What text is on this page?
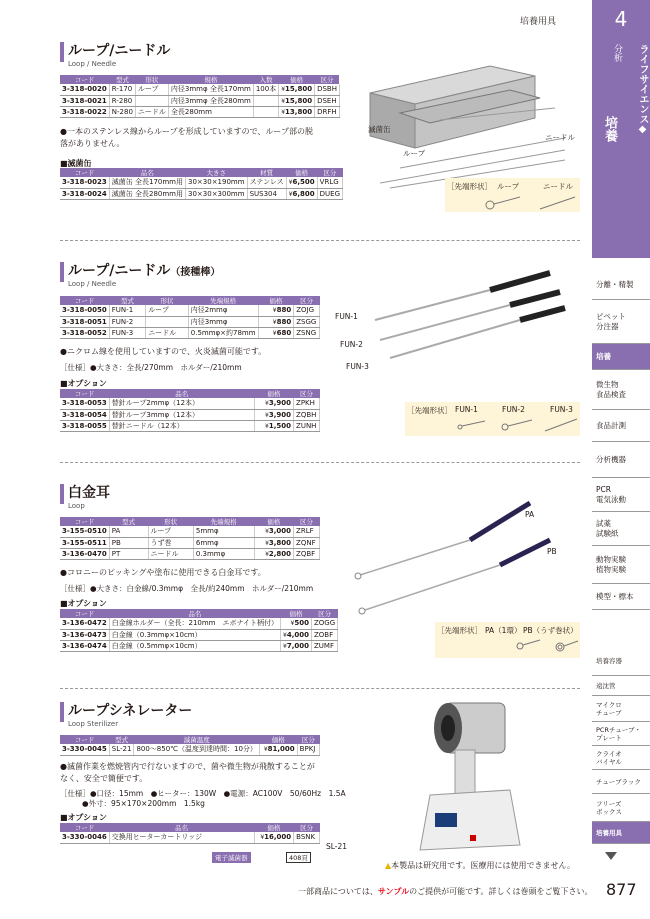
培養用具	4
分析	ライフサイエンス◆
培養
分離・精製
ピペット
分注器
培養
微生物
食品検査
食品計測
分析機器
PCR
電気泳動
試薬
試験紙
動物実験
植物実験
模型・標本
培養容器
遠沈管
マイクロ
チューブ
PCRチューブ・
プレート
クライオ
バイヤル
チューブラック
フリーズ
ボックス
培養用具
ループ/ニードル
Loop / Needle
コード	型式	形状	規格	入数	価格	区分
3-318-0020	R-170	ループ	内径3mmφ 全長170mm	100本	¥15,800	DSBH
3-318-0021	R-280		内径3mmφ 全長280mm		¥15,800	DSEH
3-318-0022	N-280	ニードル	全長280mm		¥13,800	DRFH
●一本のステンレス線からループを形成していますので、ループ部の脱落がありません。
■滅菌缶
コード	品名	大きさ	材質	価格	区分
3-318-0023	滅菌缶 全長170mm用	30×30×190mm	ステンレス	¥6,500	VRLG
3-318-0024	滅菌缶 全長280mm用	30×30×300mm	SUS304	¥6,800	DUEG
滅菌缶
ニードル
ループ
［先端形状］ ループ	ニードル
ループ/ニードル（接種棒）
Loop / Needle
コード	型式	形状	先端規格	価格	区分
3-318-0050	FUN-1	ループ	内径2mmφ	¥880	ZOJG
3-318-0051	FUN-2		内径3mmφ	¥880	ZSGG
3-318-0052	FUN-3	ニードル	0.5mmφ×約78mm	¥680	ZSNG
●ニクロム線を使用していますので、火炎滅菌可能です。
［仕様］●大きさ：全長/270mm　ホルダー/210mm
■オプション
コード	品名	価格	区分
3-318-0053	替針ループ2mmφ（12本）	¥3,900	ZPKH
3-318-0054	替針ループ3mmφ（12本）	¥3,900	ZQBH
3-318-0055	替針ニードル（12本）	¥1,500	ZUNH
FUN-1
FUN-2
FUN-3
［先端形状］ FUN-1	FUN-2	FUN-3
白金耳
Loop
コード	型式	形状	先端規格	価格	区分
3-155-0510	PA	ループ	5mmφ	¥3,000	ZRLF
3-155-0511	PB	うず巻	6mmφ	¥3,800	ZQNF
3-136-0470	PT	ニードル	0.3mmφ	¥2,800	ZQBF
●コロニーのピッキングや塗布に使用できる白金耳です。
［仕様］●大きさ：白金線/0.3mmφ　全長/約240mm　ホルダー/210mm
■オプション
コード	品名	価格	区分
3-136-0472	白金線ホルダー（全長：210mm　エボナイト柄付）	¥500	ZOGG
3-136-0473	白金線（0.3mmφ×10cm）	¥4,000	ZOBF
3-136-0474	白金線（0.5mmφ×10cm）	¥7,000	ZUMF
PA
PB
［先端形状］ PA（1環） PB（うず巻状）
ループシネレーター
Loop Sterilizer
コード	型式	滅菌温度	価格	区分
3-330-0045	SL-21	800～850℃（温度到達時間：10分）	¥81,000	BPKJ
●滅菌作業を燃焼管内で行ないますので、菌や微生物が飛散することがなく、安全で簡便です。
［仕様］●口径：15mm　●ヒーター：130W　●電源：AC100V　50/60Hz　1.5A
●外寸：95×170×200mm　1.5kg
■オプション
コード	品名	価格	区分
3-330-0046	交換用ヒーターカートリッジ	¥16,000	BSNK
電子滅菌器	408頁
SL-21
▲本製品は研究用です。医療用には使用できません。
一部商品については、サンプルのご提供が可能です。詳しくは巻頭をご覧下さい。 877
